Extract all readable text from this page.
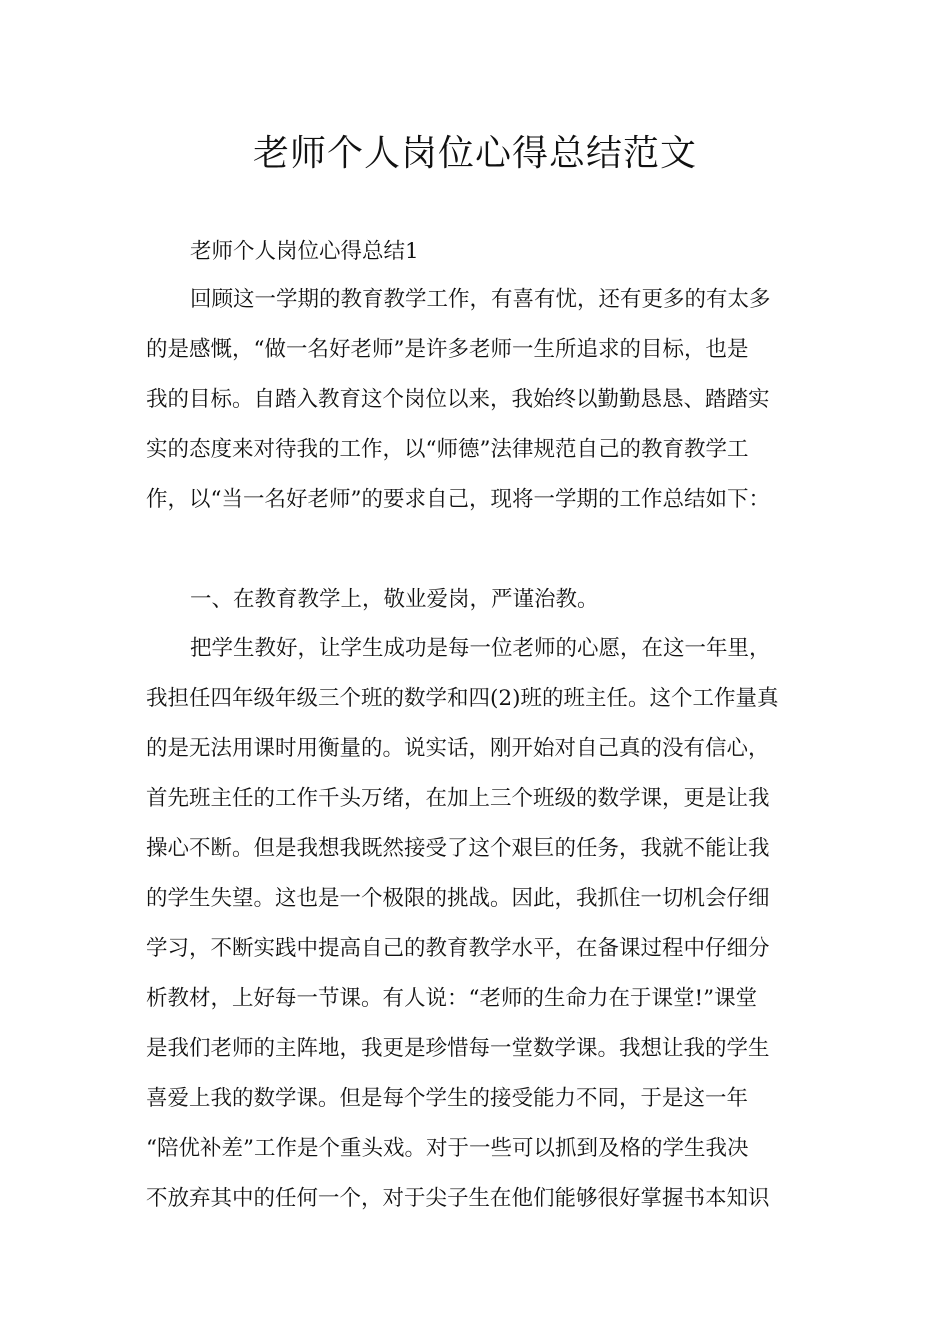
老师个人岗位心得总结范文
老师个人岗位心得总结1
回顾这一学期的教育教学工作，有喜有忧，还有更多的有太多
的是感慨，“做一名好老师”是许多老师一生所追求的目标，也是
我的目标。自踏入教育这个岗位以来，我始终以勤勤恳恳、踏踏实
实的态度来对待我的工作，以“师德”法律规范自己的教育教学工
作，以“当一名好老师”的要求自己，现将一学期的工作总结如下：
一、在教育教学上，敬业爱岗，严谨治教。
把学生教好，让学生成功是每一位老师的心愿，在这一年里，
我担任四年级年级三个班的数学和四(2)班的班主任。这个工作量真
的是无法用课时用衡量的。说实话，刚开始对自己真的没有信心，
首先班主任的工作千头万绪，在加上三个班级的数学课，更是让我
操心不断。但是我想我既然接受了这个艰巨的任务，我就不能让我
的学生失望。这也是一个极限的挑战。因此，我抓住一切机会仔细
学习，不断实践中提高自己的教育教学水平，在备课过程中仔细分
析教材，上好每一节课。有人说：“老师的生命力在于课堂!”课堂
是我们老师的主阵地，我更是珍惜每一堂数学课。我想让我的学生
喜爱上我的数学课。但是每个学生的接受能力不同，于是这一年
“陪优补差”工作是个重头戏。对于一些可以抓到及格的学生我决
不放弃其中的任何一个，对于尖子生在他们能够很好掌握书本知识
